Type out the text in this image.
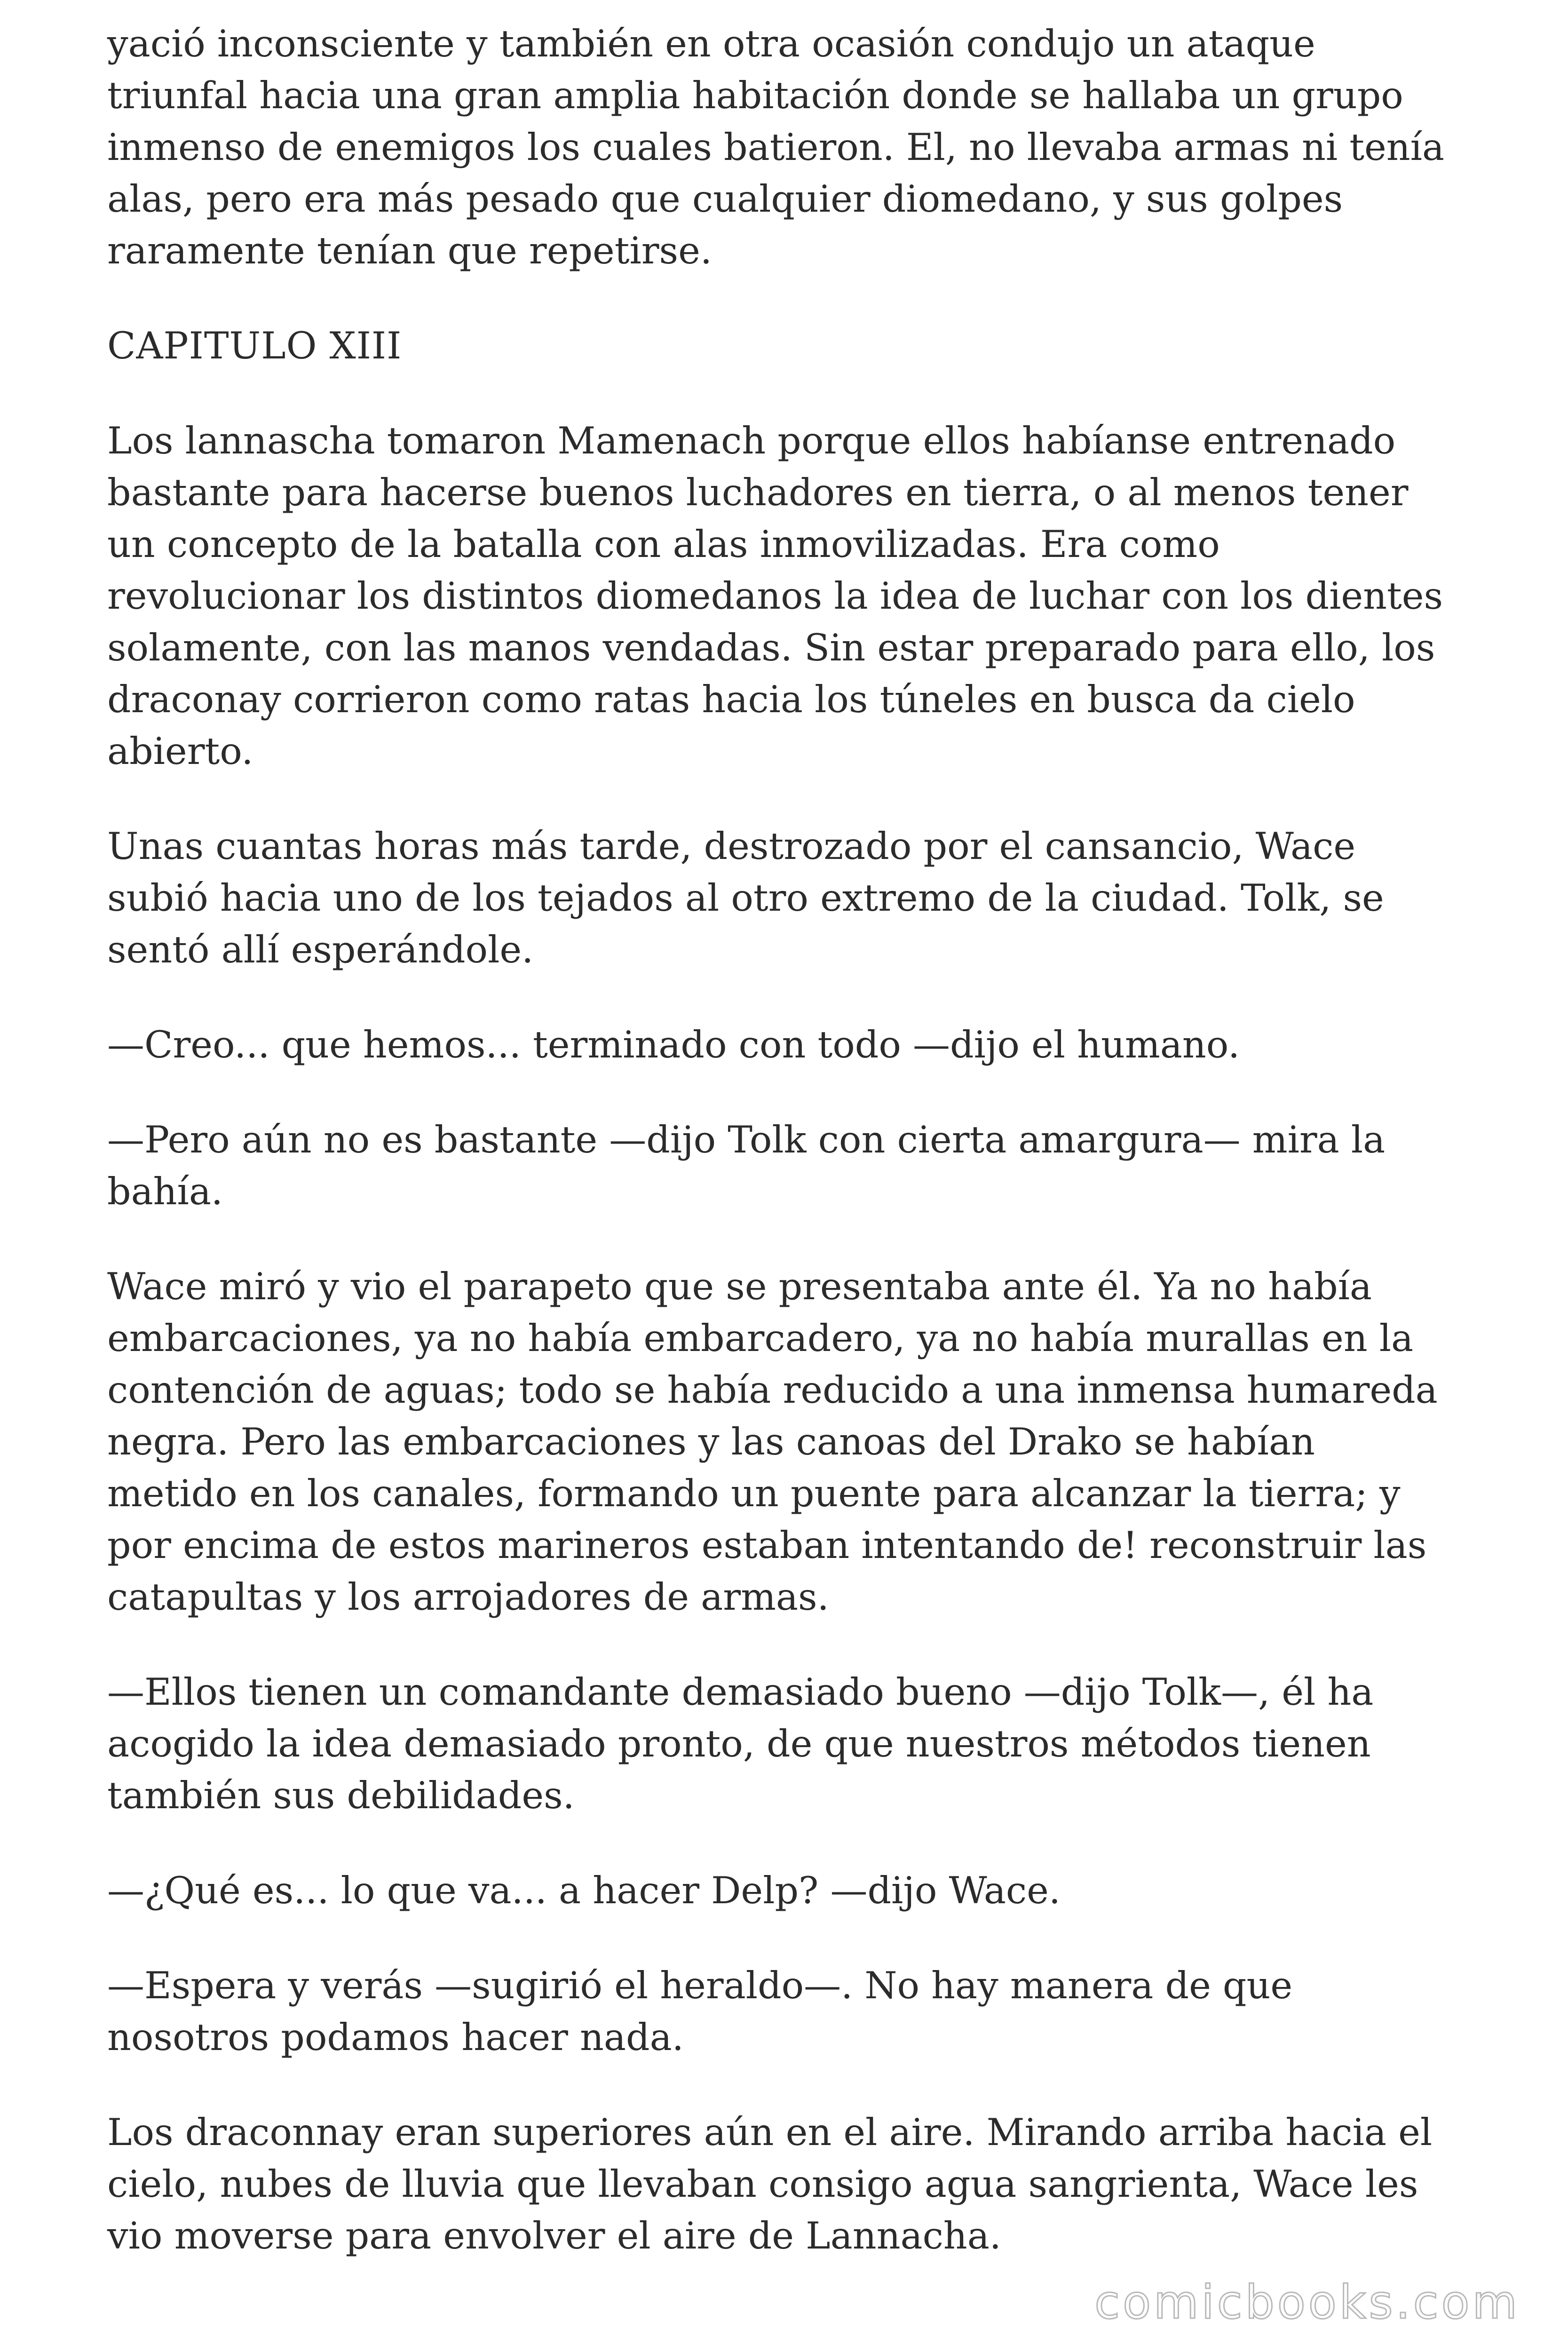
yació inconsciente y también en otra ocasión condujo un ataque
triunfal hacia una gran amplia habitación donde se hallaba un grupo
inmenso de enemigos los cuales batieron. El, no llevaba armas ni tenía
alas, pero era más pesado que cualquier diomedano, y sus golpes
raramente tenían que repetirse.

CAPITULO XIII

Los lannascha tomaron Mamenach porque ellos habíanse entrenado
bastante para hacerse buenos luchadores en tierra, o al menos tener
un concepto de la batalla con alas inmovilizadas. Era como
revolucionar los distintos diomedanos la idea de luchar con los dientes
solamente, con las manos vendadas. Sin estar preparado para ello, los
draconay corrieron como ratas hacia los túneles en busca da cielo
abierto.

Unas cuantas horas más tarde, destrozado por el cansancio, Wace
subió hacia uno de los tejados al otro extremo de la ciudad. Tolk, se
sentó allí esperándole.

—Creo... que hemos... terminado con todo —dijo el humano.

—Pero aún no es bastante —dijo Tolk con cierta amargura— mira la
bahía.

Wace miró y vio el parapeto que se presentaba ante él. Ya no había
embarcaciones, ya no había embarcadero, ya no había murallas en la
contención de aguas; todo se había reducido a una inmensa humareda
negra. Pero las embarcaciones y las canoas del Drako se habían
metido en los canales, formando un puente para alcanzar la tierra; y
por encima de estos marineros estaban intentando de! reconstruir las
catapultas y los arrojadores de armas.

—Ellos tienen un comandante demasiado bueno —dijo Tolk—, él ha
acogido la idea demasiado pronto, de que nuestros métodos tienen
también sus debilidades.

—¿Qué es... lo que va... a hacer Delp? —dijo Wace.

—Espera y verás —sugirió el heraldo—. No hay manera de que
nosotros podamos hacer nada.

Los draconnay eran superiores aún en el aire. Mirando arriba hacia el
cielo, nubes de lluvia que llevaban consigo agua sangrienta, Wace les
vio moverse para envolver el aire de Lannacha.

comicbooks.com
